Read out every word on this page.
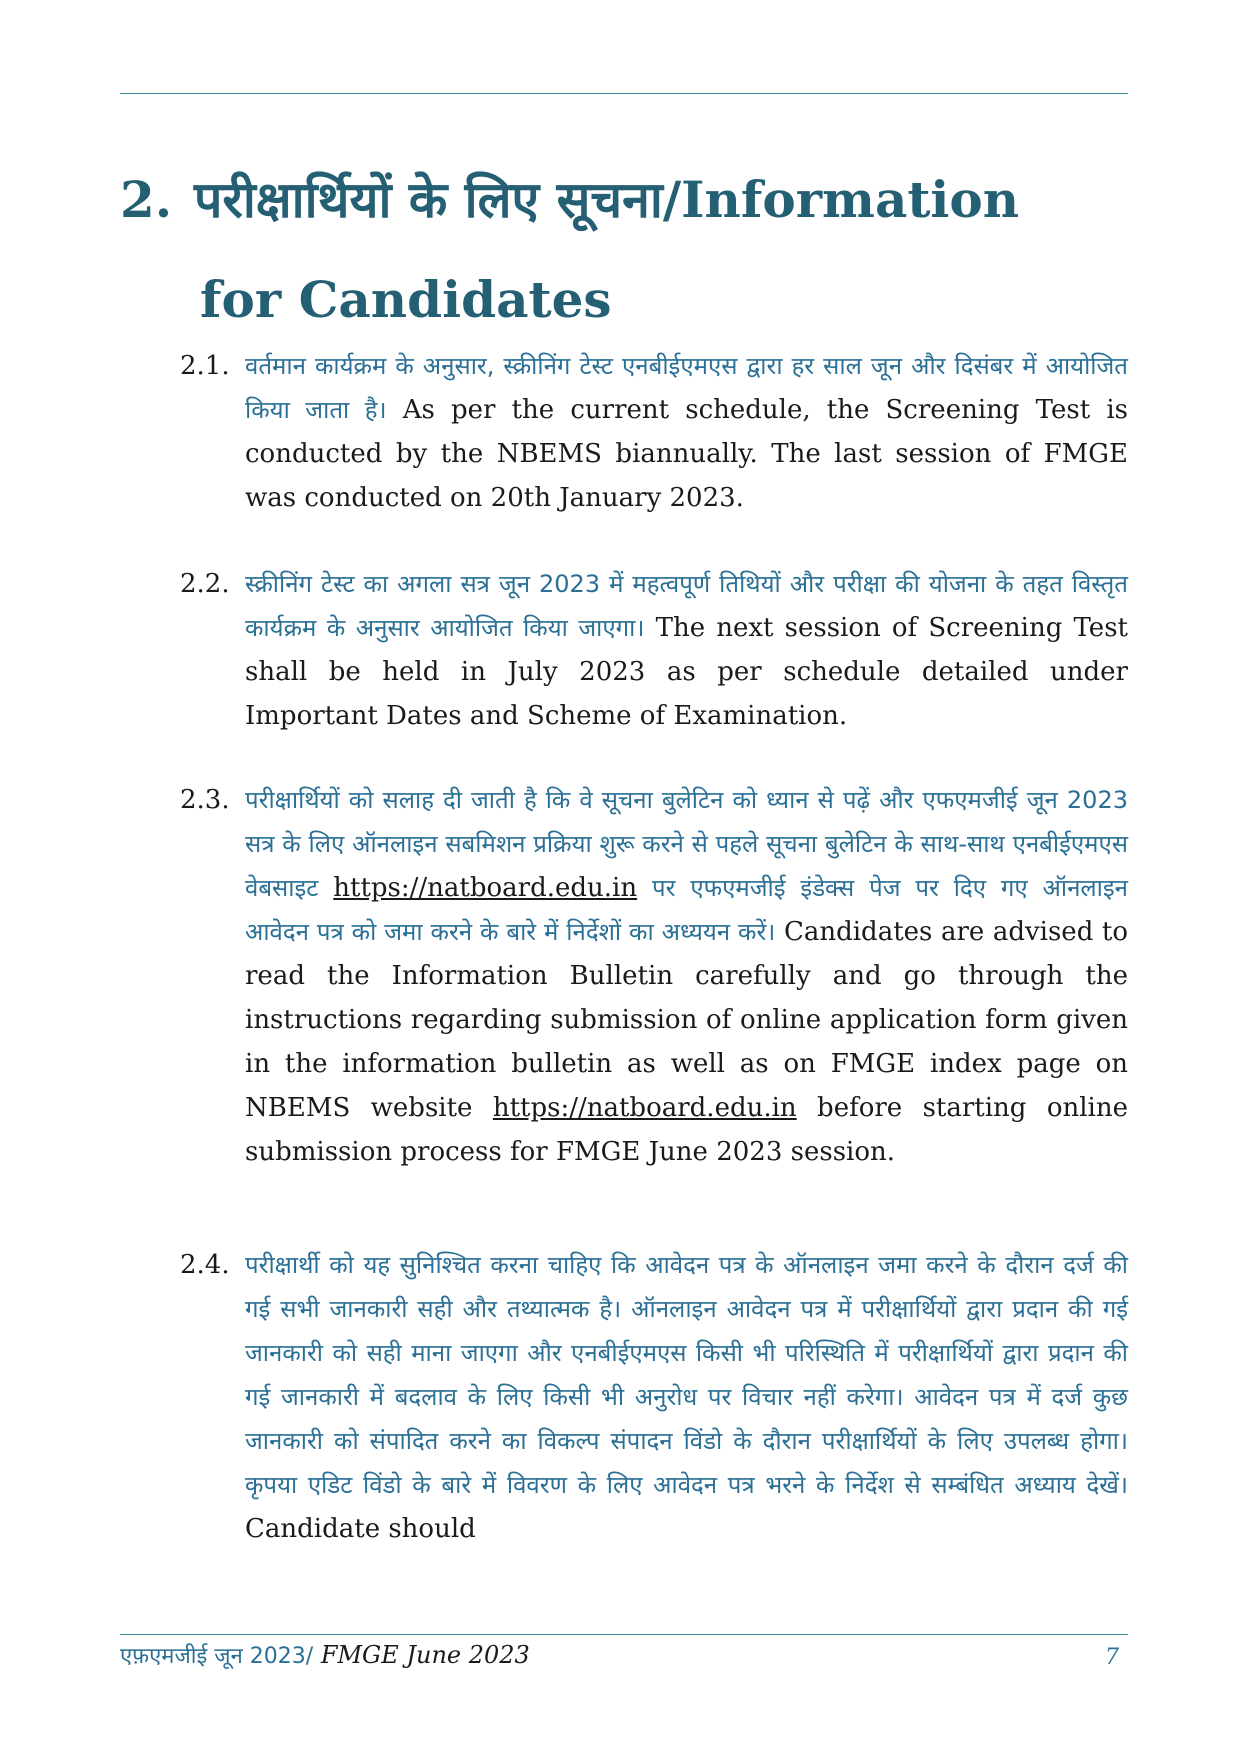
2. परीक्षार्थियों के लिए सूचना/Information
for Candidates
2.1. वर्तमान कार्यक्रम के अनुसार, स्क्रीनिंग टेस्ट एनबीईएमएस द्वारा हर साल जून और दिसंबर में आयोजित किया जाता है। As per the current schedule, the Screening Test is conducted by the NBEMS biannually. The last session of FMGE was conducted on 20th January 2023.
2.2. स्क्रीनिंग टेस्ट का अगला सत्र जून 2023 में महत्वपूर्ण तिथियों और परीक्षा की योजना के तहत विस्तृत कार्यक्रम के अनुसार आयोजित किया जाएगा। The next session of Screening Test shall be held in July 2023 as per schedule detailed under Important Dates and Scheme of Examination.
2.3. परीक्षार्थियों को सलाह दी जाती है कि वे सूचना बुलेटिन को ध्यान से पढ़ें और एफएमजीई जून 2023 सत्र के लिए ऑनलाइन सबमिशन प्रक्रिया शुरू करने से पहले सूचना बुलेटिन के साथ-साथ एनबीईएमएस वेबसाइट https://natboard.edu.in पर एफएमजीई इंडेक्स पेज पर दिए गए ऑनलाइन आवेदन पत्र को जमा करने के बारे में निर्देशों का अध्ययन करें। Candidates are advised to read the Information Bulletin carefully and go through the instructions regarding submission of online application form given in the information bulletin as well as on FMGE index page on NBEMS website https://natboard.edu.in before starting online submission process for FMGE June 2023 session.
2.4. परीक्षार्थी को यह सुनिश्चित करना चाहिए कि आवेदन पत्र के ऑनलाइन जमा करने के दौरान दर्ज की गई सभी जानकारी सही और तथ्यात्मक है। ऑनलाइन आवेदन पत्र में परीक्षार्थियों द्वारा प्रदान की गई जानकारी को सही माना जाएगा और एनबीईएमएस किसी भी परिस्थिति में परीक्षार्थियों द्वारा प्रदान की गई जानकारी में बदलाव के लिए किसी भी अनुरोध पर विचार नहीं करेगा। आवेदन पत्र में दर्ज कुछ जानकारी को संपादित करने का विकल्प संपादन विंडो के दौरान परीक्षार्थियों के लिए उपलब्ध होगा। कृपया एडिट विंडो के बारे में विवरण के लिए आवेदन पत्र भरने के निर्देश से सम्बंधित अध्याय देखें। Candidate should
एफ़एमजीई जून 2023/ FMGE June 2023	7
